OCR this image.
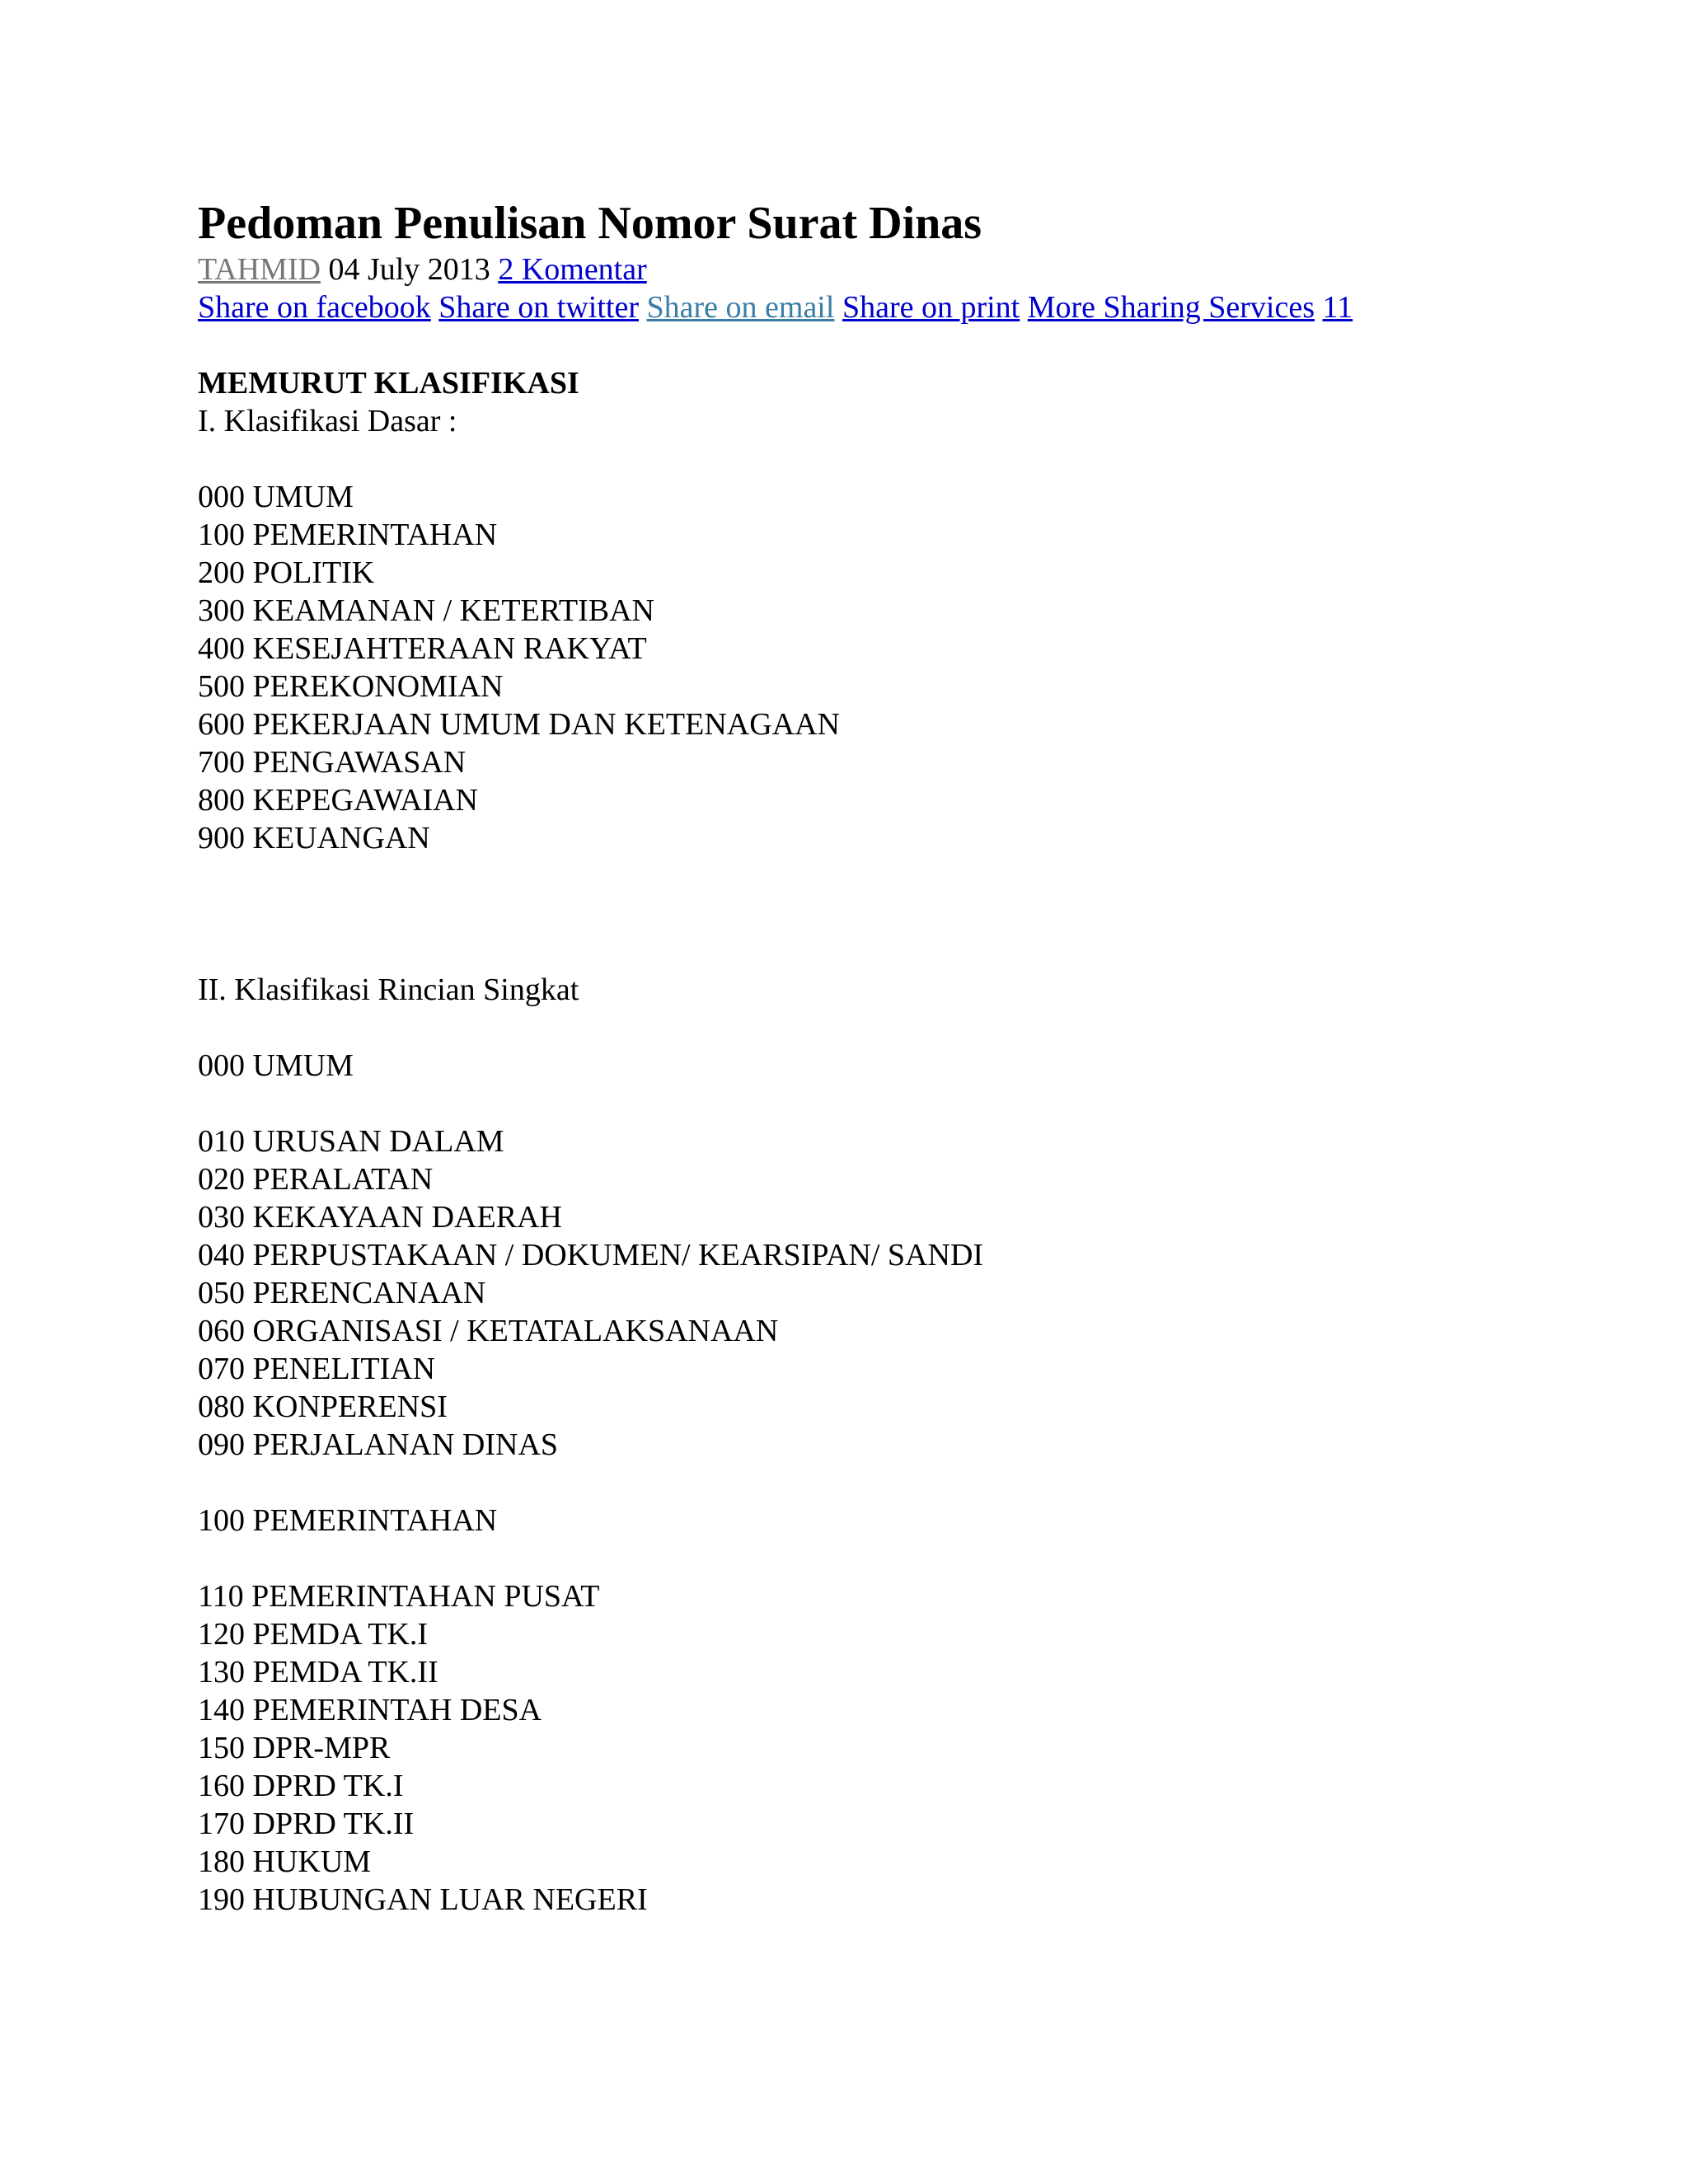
Pedoman Penulisan Nomor Surat Dinas
TAHMID 04 July 2013 2 Komentar
Share on facebook Share on twitter Share on email Share on print More Sharing Services 11
MEMURUT KLASIFIKASI
I. Klasifikasi Dasar :
000 UMUM
100 PEMERINTAHAN
200 POLITIK
300 KEAMANAN / KETERTIBAN
400 KESEJAHTERAAN RAKYAT
500 PEREKONOMIAN
600 PEKERJAAN UMUM DAN KETENAGAAN
700 PENGAWASAN
800 KEPEGAWAIAN
900 KEUANGAN
II. Klasifikasi Rincian Singkat
000 UMUM
010 URUSAN DALAM
020 PERALATAN
030 KEKAYAAN DAERAH
040 PERPUSTAKAAN / DOKUMEN/ KEARSIPAN/ SANDI
050 PERENCANAAN
060 ORGANISASI / KETATALAKSANAAN
070 PENELITIAN
080 KONPERENSI
090 PERJALANAN DINAS
100 PEMERINTAHAN
110 PEMERINTAHAN PUSAT
120 PEMDA TK.I
130 PEMDA TK.II
140 PEMERINTAH DESA
150 DPR-MPR
160 DPRD TK.I
170 DPRD TK.II
180 HUKUM
190 HUBUNGAN LUAR NEGERI
